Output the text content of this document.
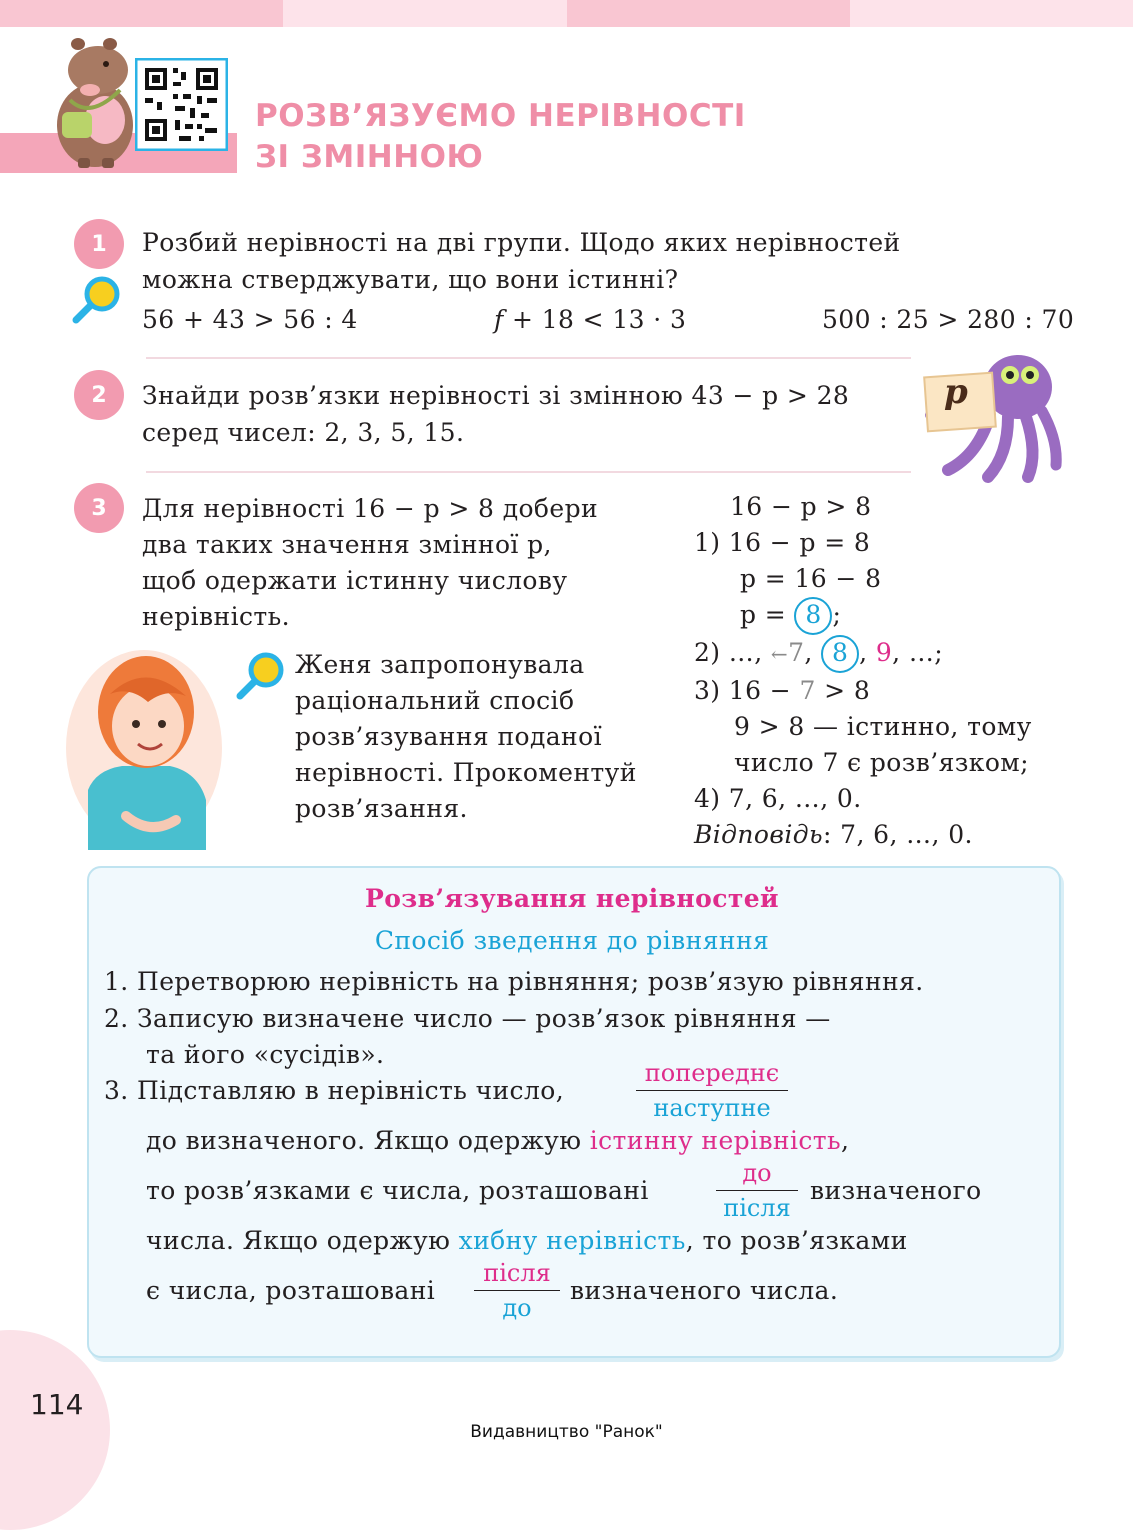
РОЗВ’ЯЗУЄМО НЕРІВНОСТІ
ЗІ ЗМІННОЮ
1	Розбий нерівності на дві групи. Щодо яких нерівностей
можна стверджувати, що вони істинні?
56 + 43 > 56 : 4	f + 18 < 13 · 3	500 : 25 > 280 : 70
2	Знайди розв’язки нерівності зі змінною 43 − p > 28
серед чисел: 2, 3, 5, 15.
p
3	Для нерівності 16 − p > 8 добери
два таких значення змінної p,
щоб одержати істинну числову
нерівність.
Женя запропонувала
раціональний спосіб
розв’язування поданої
нерівності. Прокоментуй
розв’язання.
16 − p > 8
1) 16 − p = 8
p = 16 − 8
p = 8 ;
2) …, ←7, 8 , 9, …;
3) 16 − 7 > 8
9 > 8 — істинно, тому
число 7 є розв’язком;
4) 7, 6, …, 0.
Відповідь: 7, 6, …, 0.
Розв’язування нерівностей
Спосіб зведення до рівняння
1. Перетворюю нерівність на рівняння; розв’язую рівняння.
2. Записую визначене число — розв’язок рівняння —
та його «сусідів».
3. Підставляю в нерівність число,
попереднє
наступне
до визначеного. Якщо одержую істинну нерівність,
то розв’язками є числа, розташовані
до
після
визначеного
числа. Якщо одержую хибну нерівність, то розв’язками
є числа, розташовані
після
до
визначеного числа.
114
Видавництво "Ранок"
